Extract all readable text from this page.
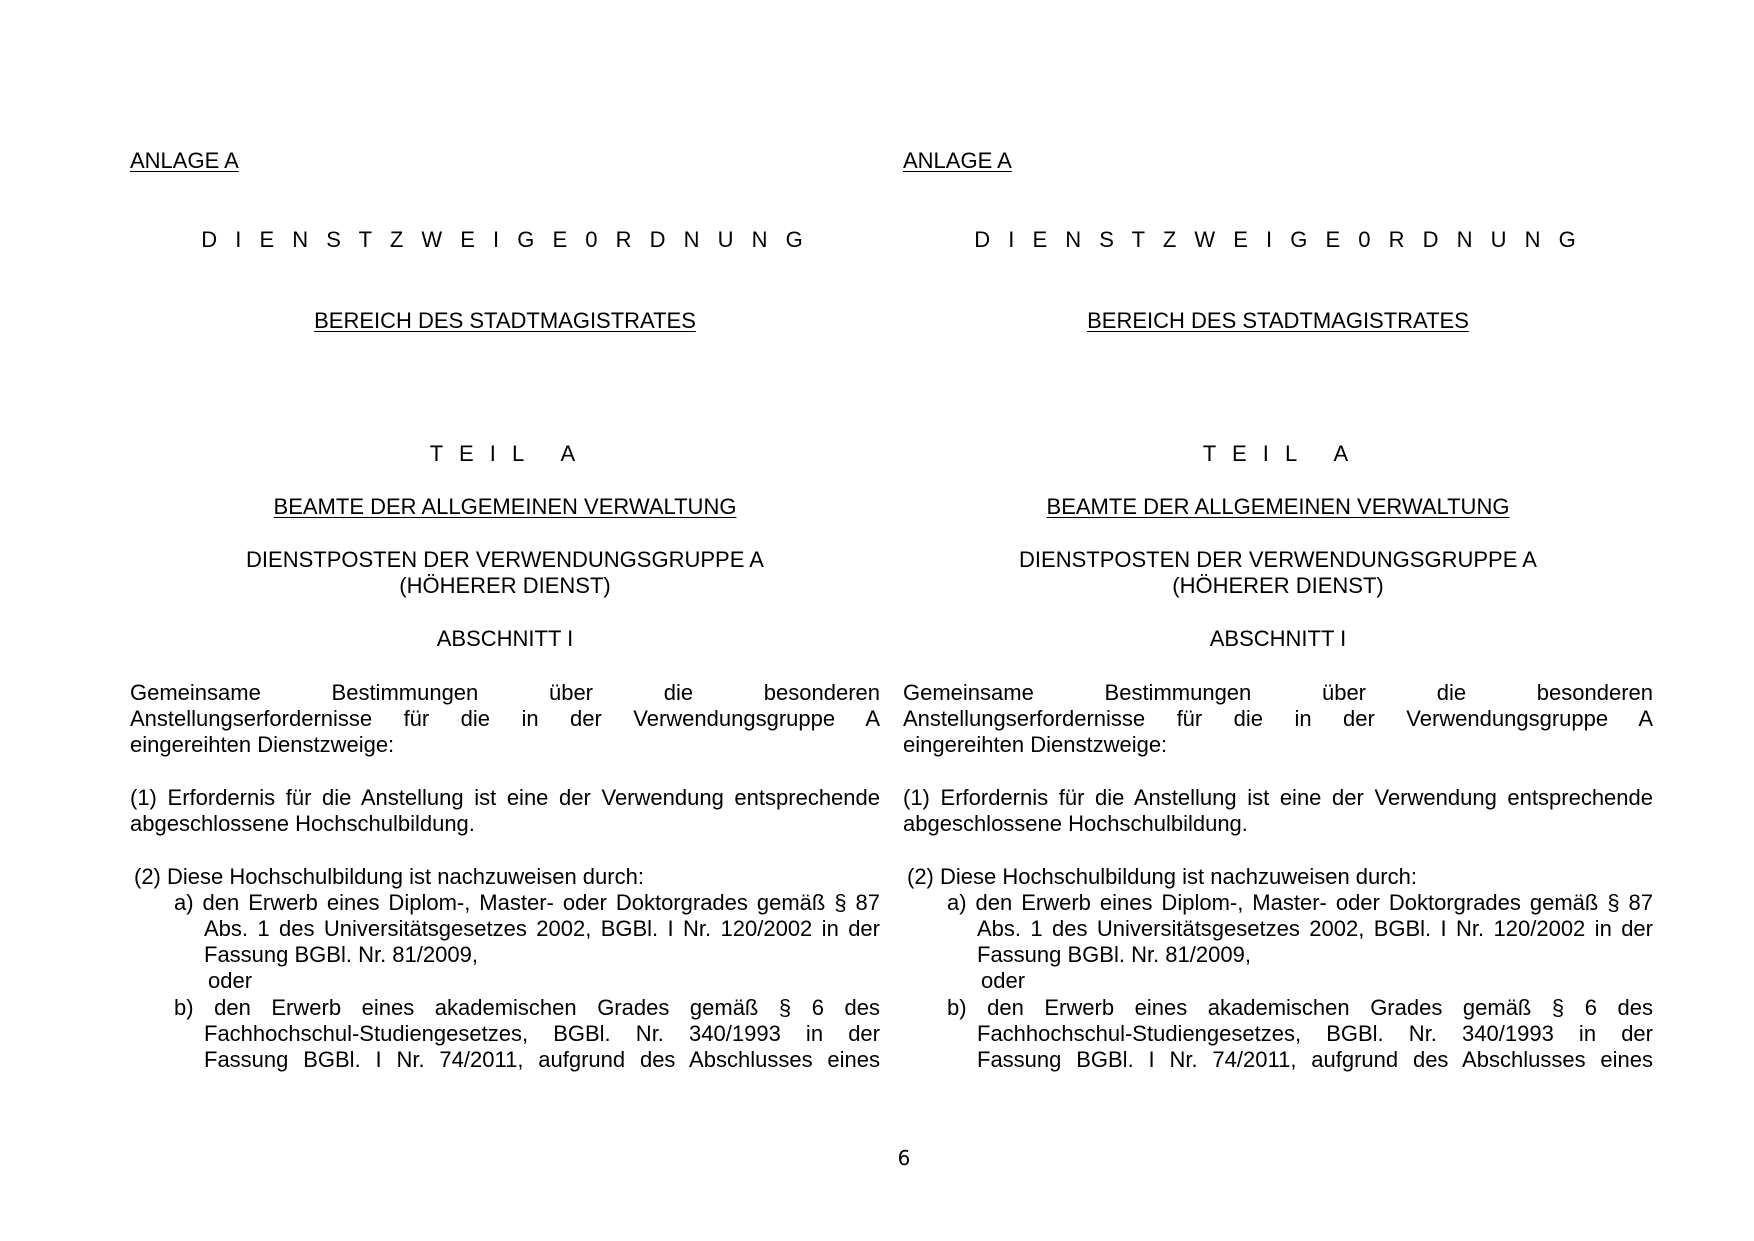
ANLAGE A
D I E N S T Z W E I G E 0 R D N U N G
BEREICH DES STADTMAGISTRATES
T E I L   A
BEAMTE DER ALLGEMEINEN VERWALTUNG
DIENSTPOSTEN DER VERWENDUNGSGRUPPE A
(HÖHERER DIENST)
ABSCHNITT I
Gemeinsame Bestimmungen über die besonderen
Anstellungserfordernisse für die in der Verwendungsgruppe A
eingereihten Dienstzweige:
(1) Erfordernis für die Anstellung ist eine der Verwendung entsprechende
abgeschlossene Hochschulbildung.
(2) Diese Hochschulbildung ist nachzuweisen durch:
a) den Erwerb eines Diplom-, Master- oder Doktorgrades gemäß § 87
Abs. 1 des Universitätsgesetzes 2002, BGBl. I Nr. 120/2002 in der
Fassung BGBl. Nr. 81/2009,
oder
b) den Erwerb eines akademischen Grades gemäß § 6 des
Fachhochschul-Studiengesetzes, BGBl. Nr. 340/1993 in der
Fassung BGBl. I Nr. 74/2011, aufgrund des Abschlusses eines
ANLAGE A
D I E N S T Z W E I G E 0 R D N U N G
BEREICH DES STADTMAGISTRATES
T E I L   A
BEAMTE DER ALLGEMEINEN VERWALTUNG
DIENSTPOSTEN DER VERWENDUNGSGRUPPE A
(HÖHERER DIENST)
ABSCHNITT I
Gemeinsame Bestimmungen über die besonderen
Anstellungserfordernisse für die in der Verwendungsgruppe A
eingereihten Dienstzweige:
(1) Erfordernis für die Anstellung ist eine der Verwendung entsprechende
abgeschlossene Hochschulbildung.
(2) Diese Hochschulbildung ist nachzuweisen durch:
a) den Erwerb eines Diplom-, Master- oder Doktorgrades gemäß § 87
Abs. 1 des Universitätsgesetzes 2002, BGBl. I Nr. 120/2002 in der
Fassung BGBl. Nr. 81/2009,
oder
b) den Erwerb eines akademischen Grades gemäß § 6 des
Fachhochschul-Studiengesetzes, BGBl. Nr. 340/1993 in der
Fassung BGBl. I Nr. 74/2011, aufgrund des Abschlusses eines
6
